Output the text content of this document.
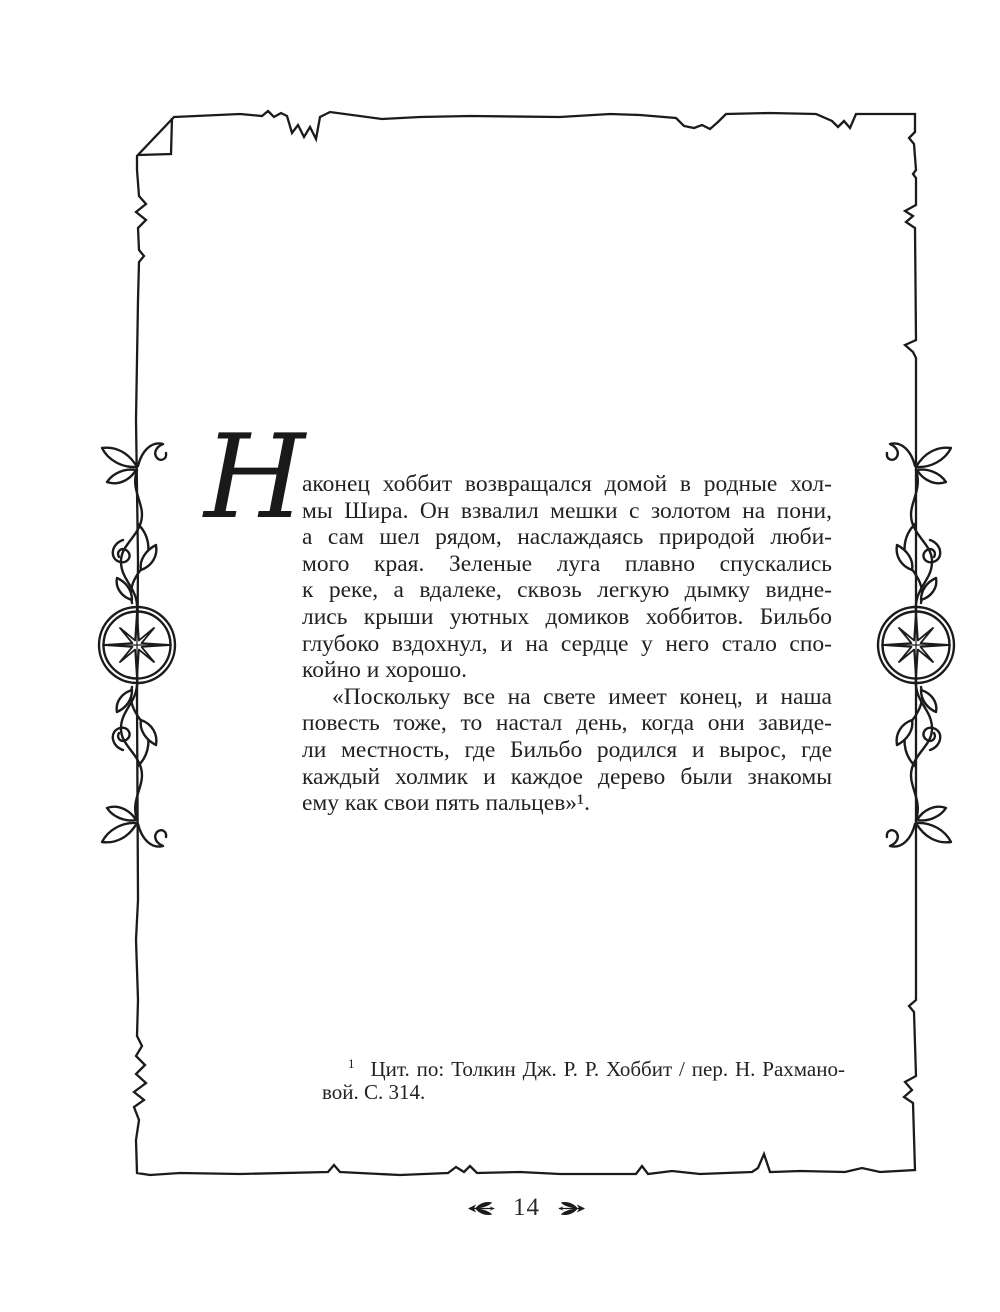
Н
аконец хоббит возвращался домой в родные хол-
мы Шира. Он взвалил мешки с золотом на пони,
а сам шел рядом, наслаждаясь природой люби-
мого края. Зеленые луга плавно спускались
к реке, а вдалеке, сквозь легкую дымку видне-
лись крыши уютных домиков хоббитов. Бильбо
глубоко вздохнул, и на сердце у него стало спо-
койно и хорошо.
«Поскольку все на свете имеет конец, и наша
повесть тоже, то настал день, когда они завиде-
ли местность, где Бильбо родился и вырос, где
каждый холмик и каждое дерево были знакомы
ему как свои пять пальцев»¹.
$^1$ Цит. по: Толкин Дж. Р. Р. Хоббит / пер. Н. Рахмано-
вой. С. 314.
14
